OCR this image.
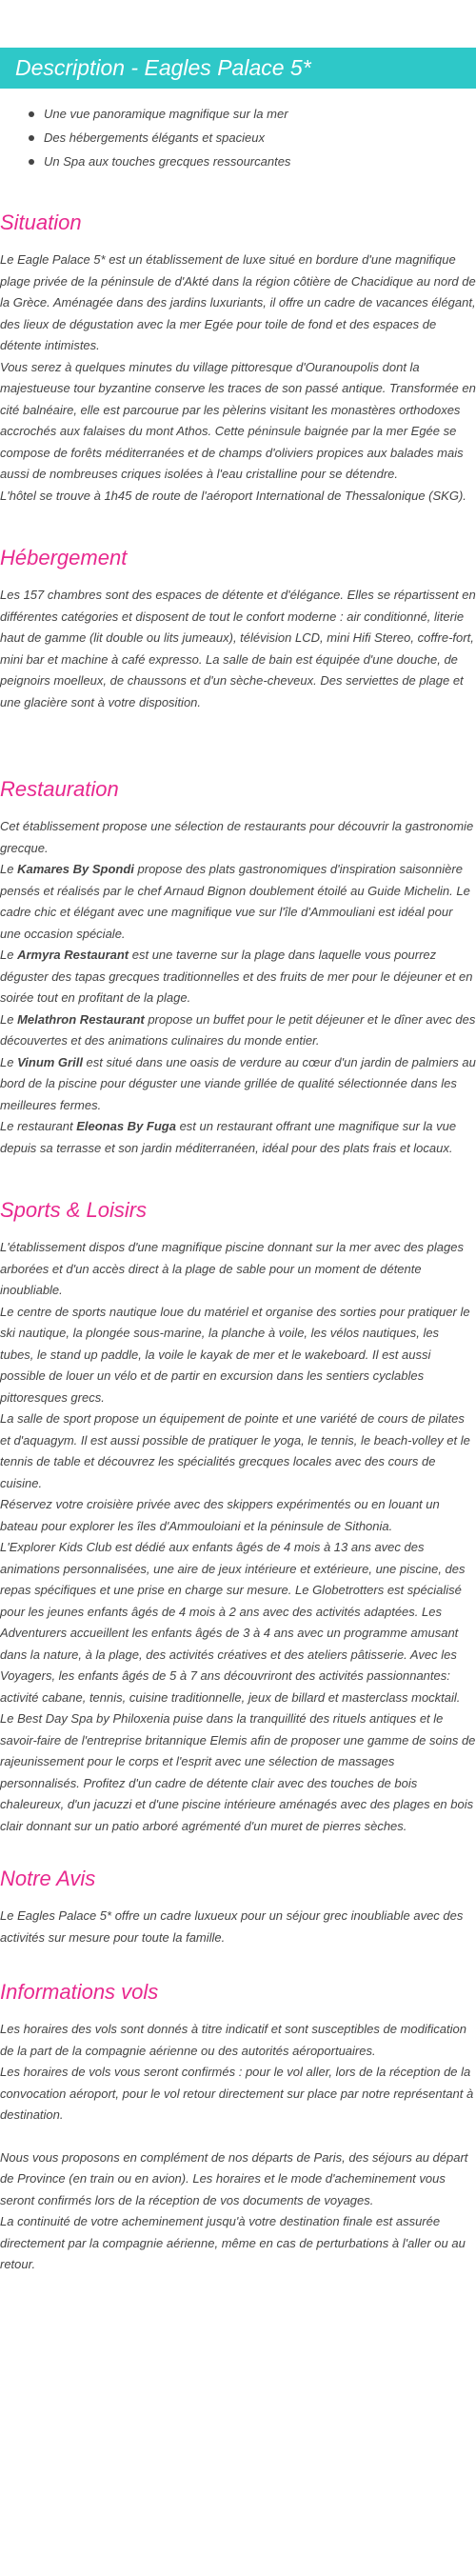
Description - Eagles Palace 5*
Une vue panoramique magnifique sur la mer
Des hébergements élégants et spacieux
Un Spa aux touches grecques ressourcantes
Situation

Le Eagle Palace 5* est un établissement de luxe situé en bordure d'une magnifique plage privée de la péninsule de d'Akté dans la région côtière de Chacidique au nord de la Grèce. Aménagée dans des jardins luxuriants, il offre un cadre de vacances élégant, des lieux de dégustation avec la mer Egée pour toile de fond et des espaces de détente intimistes.
Vous serez à quelques minutes du village pittoresque d'Ouranoupolis dont la majestueuse tour byzantine conserve les traces de son passé antique. Transformée en cité balnéaire, elle est parcourue par les pèlerins visitant les monastères orthodoxes accrochés aux falaises du mont Athos. Cette péninsule baignée par la mer Egée se compose de forêts méditerranées et de champs d'oliviers propices aux balades mais aussi de nombreuses criques isolées à l'eau cristalline pour se détendre.
L'hôtel se trouve à 1h45 de route de l'aéroport International de Thessalonique (SKG).

Hébergement

Les 157 chambres sont des espaces de détente et d'élégance. Elles se répartissent en différentes catégories et disposent de tout le confort moderne : air conditionné, literie haut de gamme (lit double ou lits jumeaux), télévision LCD, mini Hifi Stereo, coffre-fort, mini bar et machine à café expresso. La salle de bain est équipée d'une douche, de peignoirs moelleux, de chaussons et d'un sèche-cheveux. Des serviettes de plage et une glacière sont à votre disposition.

Restauration

Cet établissement propose une sélection de restaurants pour découvrir la gastronomie grecque.
Le Kamares By Spondi propose des plats gastronomiques d'inspiration saisonnière pensés et réalisés par le chef Arnaud Bignon doublement étoilé au Guide Michelin. Le cadre chic et élégant avec une magnifique vue sur l'île d'Ammouliani est idéal pour une occasion spéciale.
Le Armyra Restaurant est une taverne sur la plage dans laquelle vous pourrez déguster des tapas grecques traditionnelles et des fruits de mer pour le déjeuner et en soirée tout en profitant de la plage.
Le Melathron Restaurant propose un buffet pour le petit déjeuner et le dîner avec des découvertes et des animations culinaires du monde entier.
Le Vinum Grill est situé dans une oasis de verdure au cœur d'un jardin de palmiers au bord de la piscine pour déguster une viande grillée de qualité sélectionnée dans les meilleures fermes.
Le restaurant Eleonas By Fuga est un restaurant offrant une magnifique sur la vue depuis sa terrasse et son jardin méditerranéen, idéal pour des plats frais et locaux.

Sports & Loisirs

L'établissement dispos d'une magnifique piscine donnant sur la mer avec des plages arborées et d'un accès direct à la plage de sable pour un moment de détente inoubliable.
Le centre de sports nautique loue du matériel et organise des sorties pour pratiquer le ski nautique, la plongée sous-marine, la planche à voile, les vélos nautiques, les tubes, le stand up paddle, la voile le kayak de mer et le wakeboard. Il est aussi possible de louer un vélo et de partir en excursion dans les sentiers cyclables pittoresques grecs.
La salle de sport propose un équipement de pointe et une variété de cours de pilates et d'aquagym. Il est aussi possible de pratiquer le yoga, le tennis, le beach-volley et le tennis de table et découvrez les spécialités grecques locales avec des cours de cuisine.
Réservez votre croisière privée avec des skippers expérimentés ou en louant un bateau pour explorer les îles d'Ammouloiani et la péninsule de Sithonia.
L'Explorer Kids Club est dédié aux enfants âgés de 4 mois à 13 ans avec des animations personnalisées, une aire de jeux intérieure et extérieure, une piscine, des repas spécifiques et une prise en charge sur mesure. Le Globetrotters est spécialisé pour les jeunes enfants âgés de 4 mois à 2 ans avec des activités adaptées. Les Adventurers accueillent les enfants âgés de 3 à 4 ans avec un programme amusant dans la nature, à la plage, des activités créatives et des ateliers pâtisserie. Avec les Voyagers, les enfants âgés de 5 à 7 ans découvriront des activités passionnantes: activité cabane, tennis, cuisine traditionnelle, jeux de billard et masterclass mocktail.
Le Best Day Spa by Philoxenia puise dans la tranquillité des rituels antiques et le savoir-faire de l'entreprise britannique Elemis afin de proposer une gamme de soins de rajeunissement pour le corps et l'esprit avec une sélection de massages personnalisés. Profitez d'un cadre de détente clair avec des touches de bois chaleureux, d'un jacuzzi et d'une piscine intérieure aménagés avec des plages en bois clair donnant sur un patio arboré agrémenté d'un muret de pierres sèches.

Notre Avis

Le Eagles Palace 5* offre un cadre luxueux pour un séjour grec inoubliable avec des activités sur mesure pour toute la famille.

Informations vols

Les horaires des vols sont donnés à titre indicatif et sont susceptibles de modification de la part de la compagnie aérienne ou des autorités aéroportuaires.
Les horaires de vols vous seront confirmés : pour le vol aller, lors de la réception de la convocation aéroport, pour le vol retour directement sur place par notre représentant à destination.

Nous vous proposons en complément de nos départs de Paris, des séjours au départ de Province (en train ou en avion). Les horaires et le mode d'acheminement vous seront confirmés lors de la réception de vos documents de voyages.
La continuité de votre acheminement jusqu'à votre destination finale est assurée directement par la compagnie aérienne, même en cas de perturbations à l'aller ou au retour.
